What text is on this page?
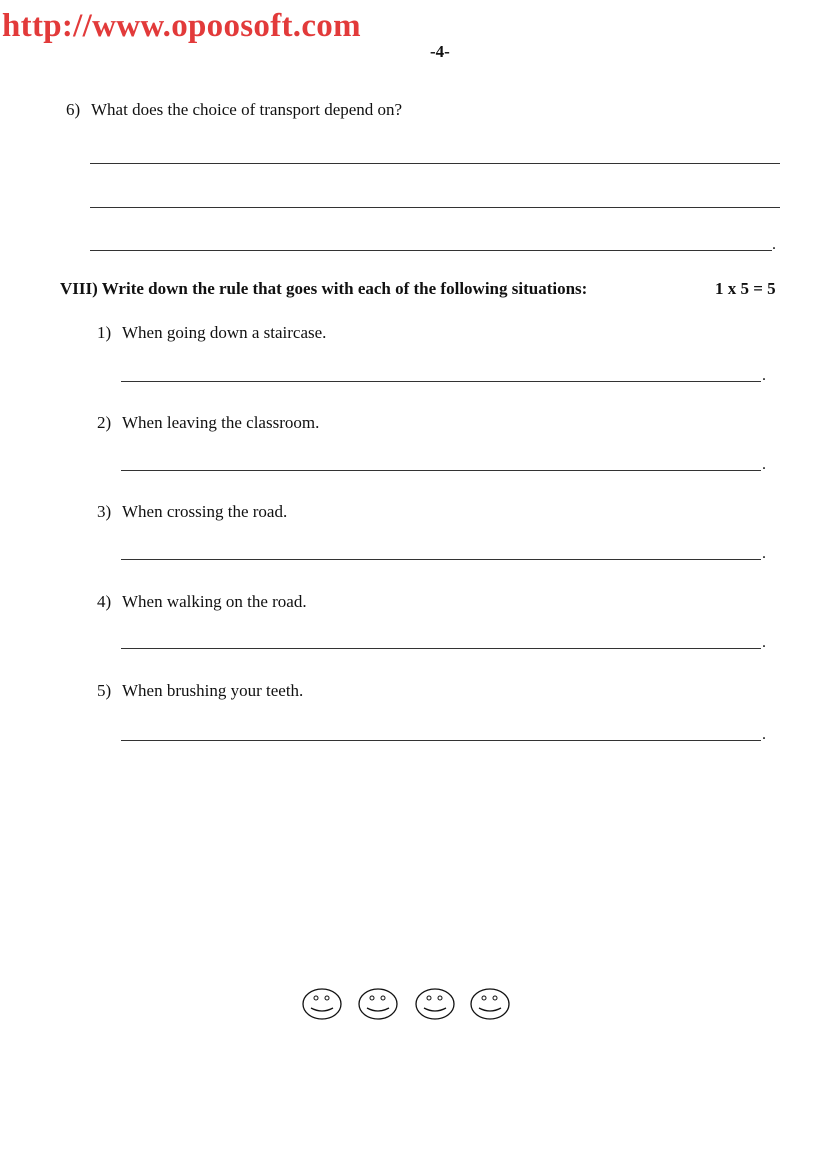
http://www.opoosoft.com
-4-
6) What does the choice of transport depend on?
.
VIII) Write down the rule that goes with each of the following situations:	1 x 5 = 5
1) When going down a staircase.
.
2) When leaving the classroom.
.
3) When crossing the road.
.
4) When walking on the road.
.
5) When brushing your teeth.
.
